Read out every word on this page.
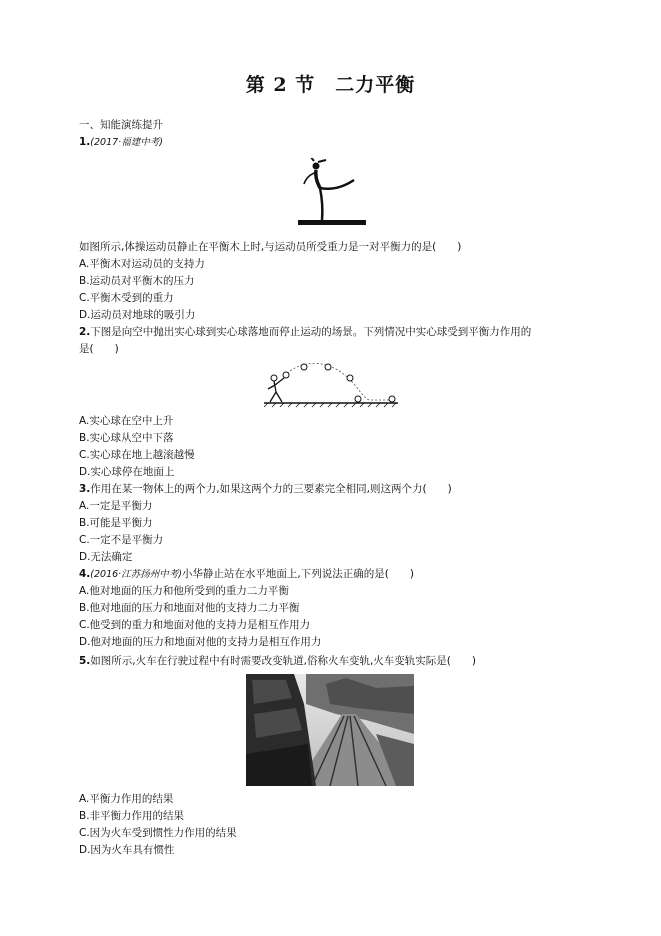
第 2 节　二力平衡
一、知能演练提升
1.(2017·福建中考)
如图所示,体操运动员静止在平衡木上时,与运动员所受重力是一对平衡力的是(　　)
A.平衡木对运动员的支持力
B.运动员对平衡木的压力
C.平衡木受到的重力
D.运动员对地球的吸引力
2.下图是向空中抛出实心球到实心球落地而停止运动的场景。下列情况中实心球受到平衡力作用的
是(　　)
A.实心球在空中上升
B.实心球从空中下落
C.实心球在地上越滚越慢
D.实心球停在地面上
3.作用在某一物体上的两个力,如果这两个力的三要素完全相同,则这两个力(　　)
A.一定是平衡力
B.可能是平衡力
C.一定不是平衡力
D.无法确定
4.(2016·江苏扬州中考)小华静止站在水平地面上,下列说法正确的是(　　)
A.他对地面的压力和他所受到的重力二力平衡
B.他对地面的压力和地面对他的支持力二力平衡
C.他受到的重力和地面对他的支持力是相互作用力
D.他对地面的压力和地面对他的支持力是相互作用力
5.如图所示,火车在行驶过程中有时需要改变轨道,俗称火车变轨,火车变轨实际是(　　)
A.平衡力作用的结果
B.非平衡力作用的结果
C.因为火车受到惯性力作用的结果
D.因为火车具有惯性
